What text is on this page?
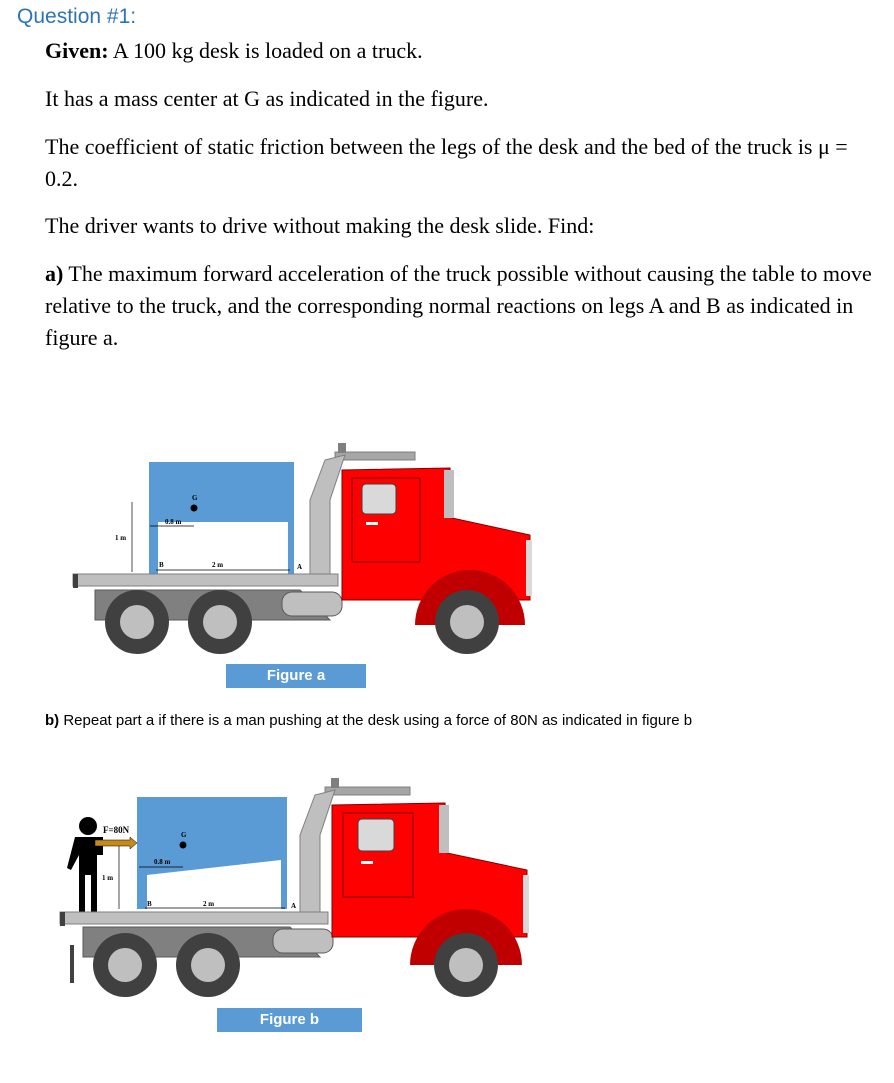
Question #1:
Given: A 100 kg desk is loaded on a truck.
It has a mass center at G as indicated in the figure.
The coefficient of static friction between the legs of the desk and the bed of the truck is μ = 0.2.
The driver wants to drive without making the desk slide. Find:
a) The maximum forward acceleration of the truck possible without causing the table to move relative to the truck, and the corresponding normal reactions on legs A and B as indicated in figure a.
G
0.8 m
1 m
B	2 m	A
Figure a
b) Repeat part a if there is a man pushing at the desk using a force of 80N as indicated in figure b
G
0.8 m
1 m
B	2 m	A
F=80N
Figure b
